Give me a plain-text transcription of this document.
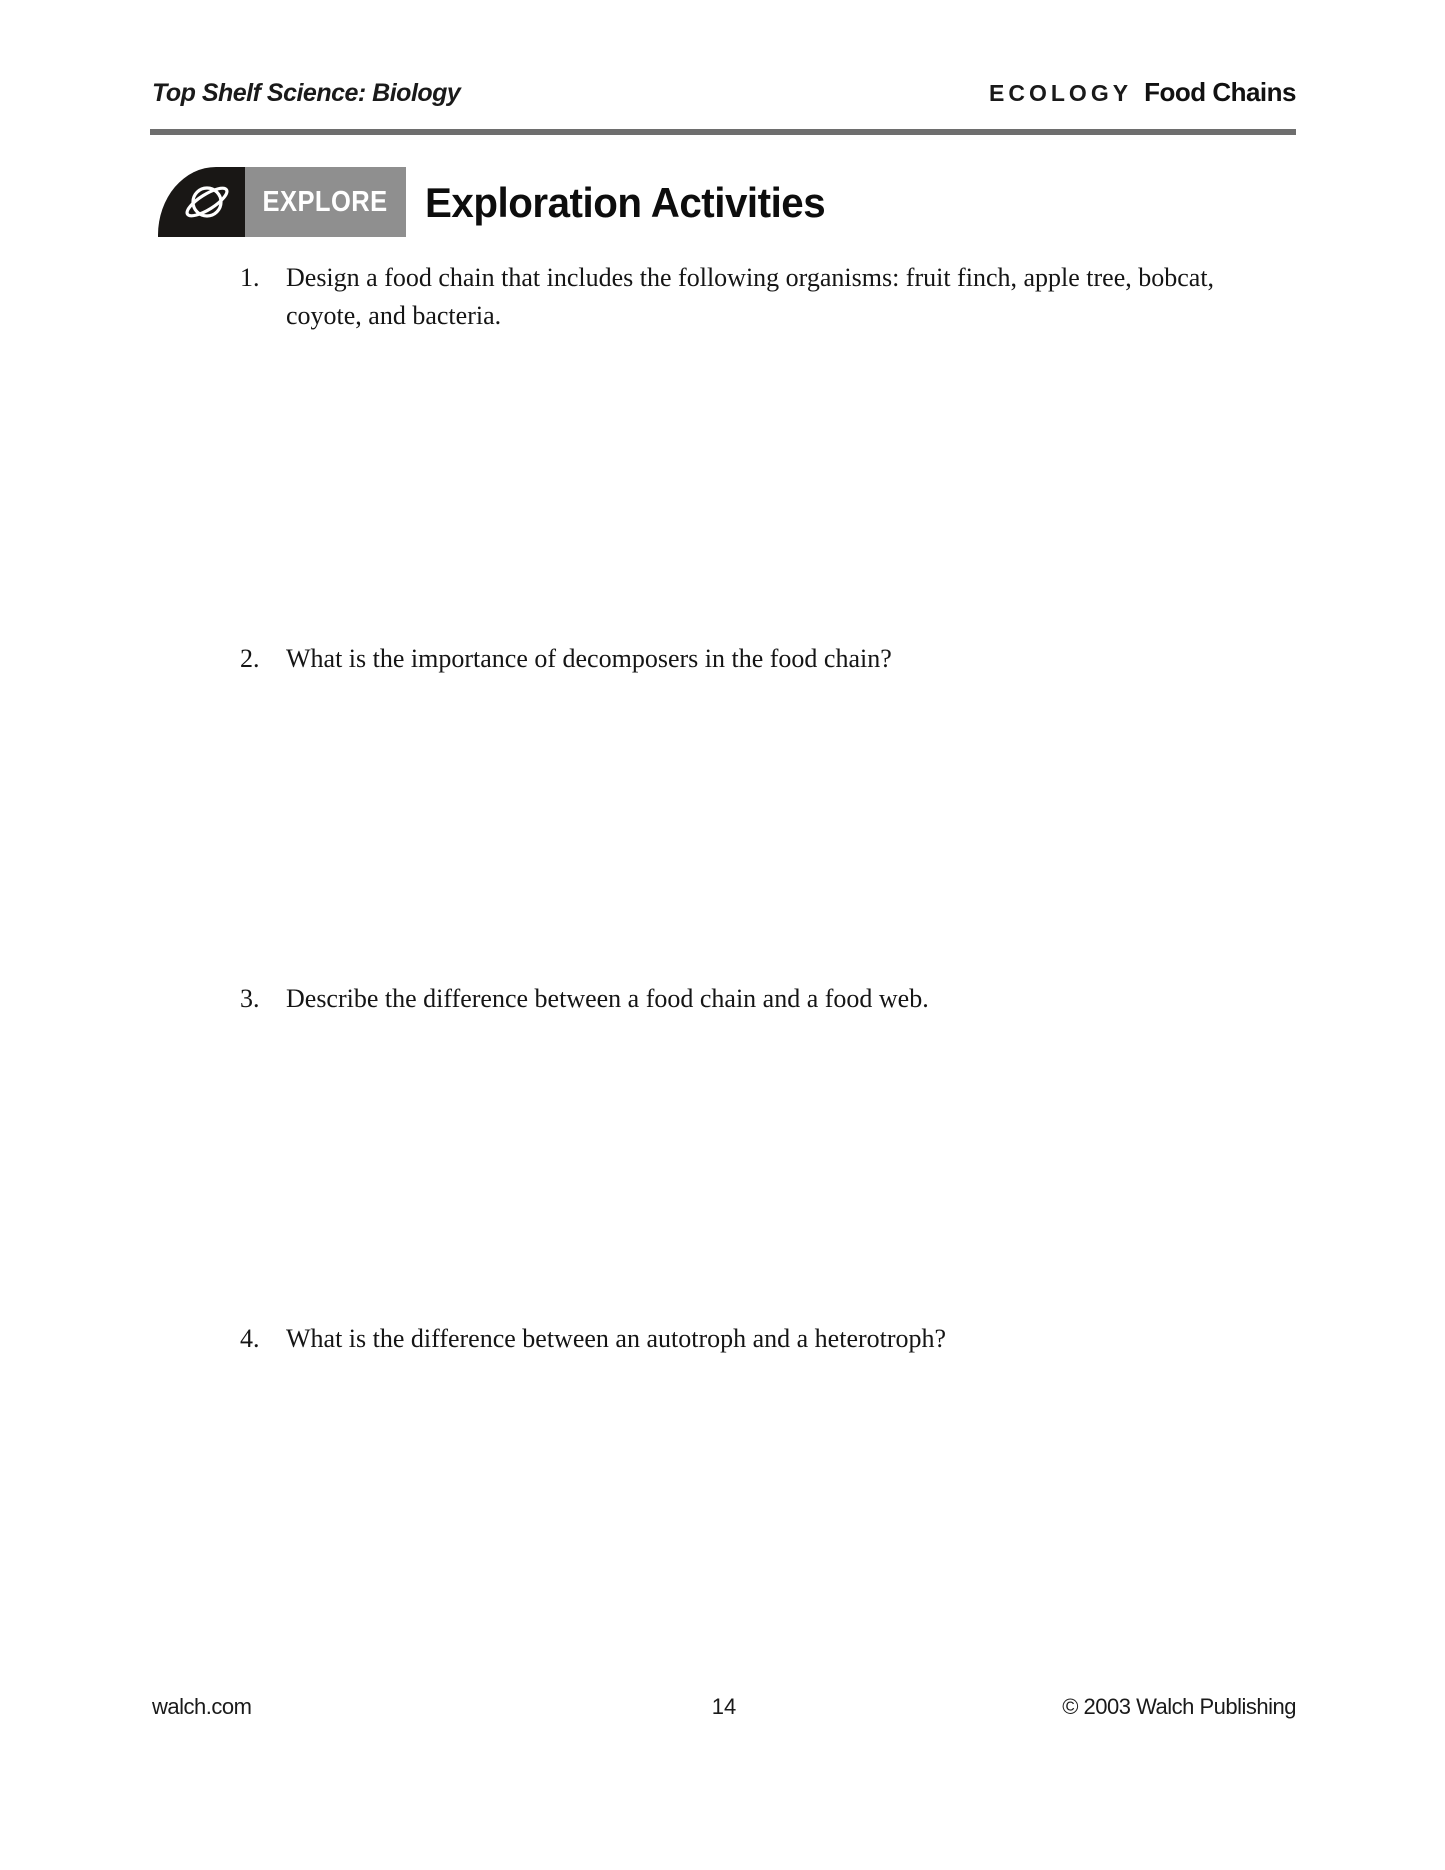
Top Shelf Science: Biology	ECOLOGY Food Chains
EXPLORE Exploration Activities
1.	Design a food chain that includes the following organisms: fruit finch, apple tree, bobcat, coyote, and bacteria.
2.	What is the importance of decomposers in the food chain?
3.	Describe the difference between a food chain and a food web.
4.	What is the difference between an autotroph and a heterotroph?
walch.com	14	© 2003 Walch Publishing
